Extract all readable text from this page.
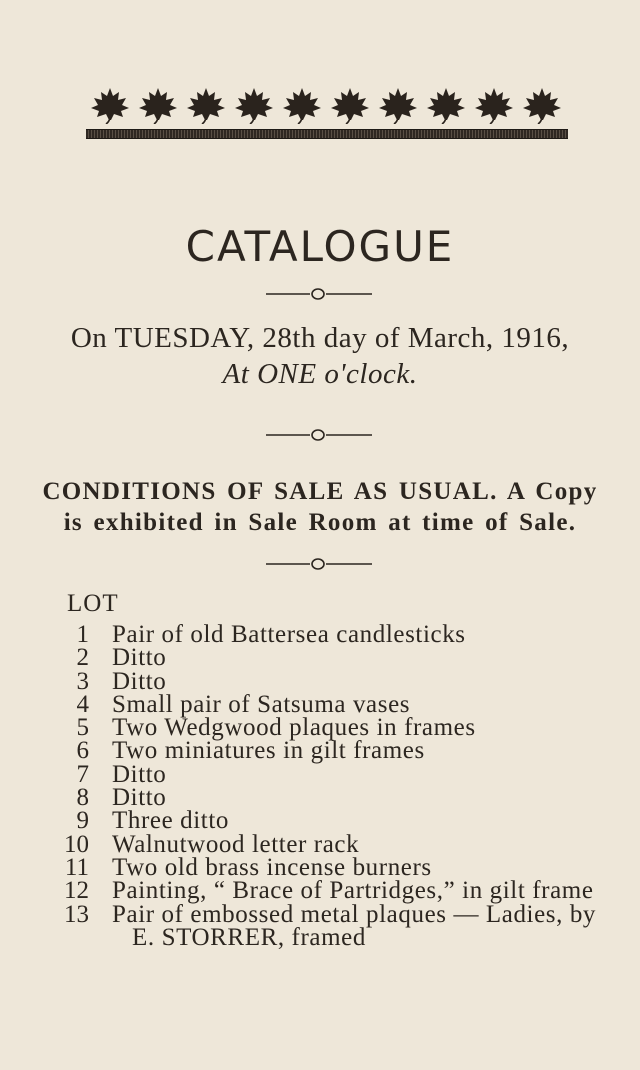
CATALOGUE
On TUESDAY, 28th day of March, 1916,
At ONE o'clock.
CONDITIONS OF SALE AS USUAL. A Copy
is exhibited in Sale Room at time of Sale.
LOT
1 Pair of old Battersea candlesticks
2 Ditto
3 Ditto
4 Small pair of Satsuma vases
5 Two Wedgwood plaques in frames
6 Two miniatures in gilt frames
7 Ditto
8 Ditto
9 Three ditto
10 Walnutwood letter rack
11 Two old brass incense burners
12 Painting, “ Brace of Partridges,” in gilt frame
13 Pair of embossed metal plaques — Ladies, by
E. STORRER, framed
